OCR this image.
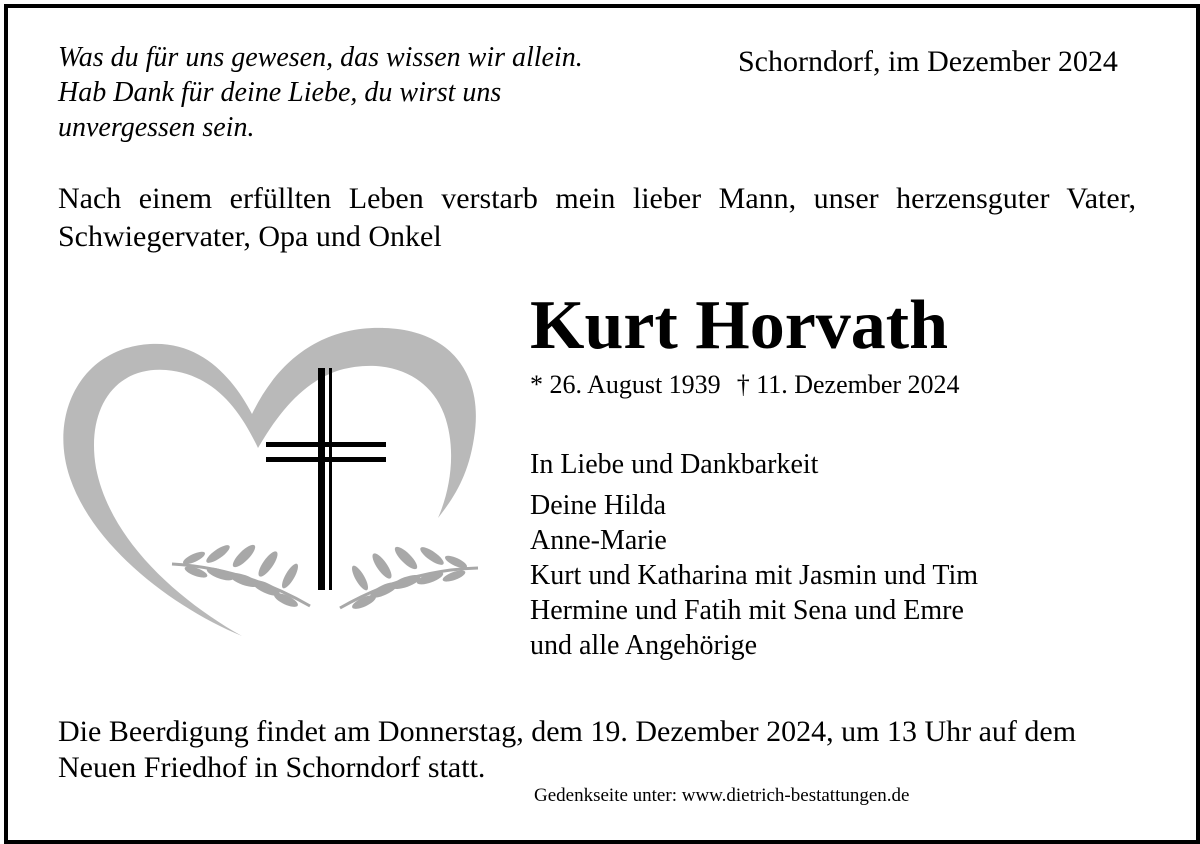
Was du für uns gewesen, das wissen wir allein.
Hab Dank für deine Liebe, du wirst uns
unvergessen sein.
Schorndorf, im Dezember 2024
Nach einem erfüllten Leben verstarb mein lieber Mann, unser herzensguter Vater,
Schwiegervater, Opa und Onkel
Kurt Horvath
* 26. August 1939 † 11. Dezember 2024
In Liebe und Dankbarkeit
Deine Hilda
Anne-Marie
Kurt und Katharina mit Jasmin und Tim
Hermine und Fatih mit Sena und Emre
und alle Angehörige
Die Beerdigung findet am Donnerstag, dem 19. Dezember 2024, um 13 Uhr auf dem
Neuen Friedhof in Schorndorf statt.
Gedenkseite unter: www.dietrich-bestattungen.de
